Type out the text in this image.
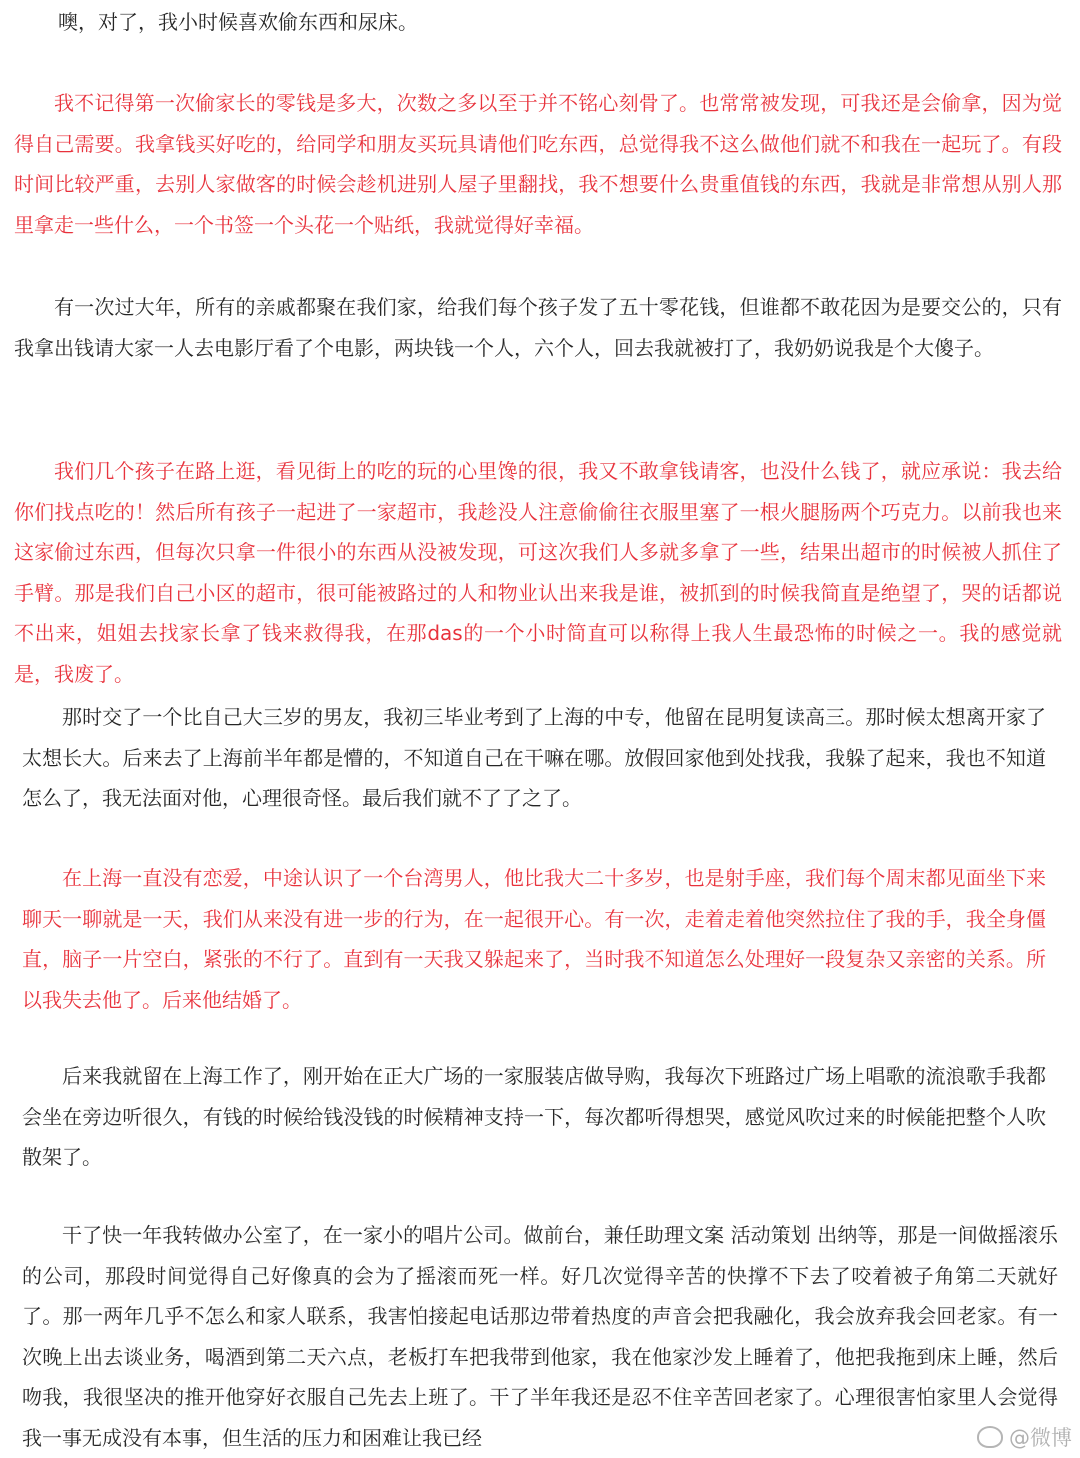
噢，对了，我小时候喜欢偷东西和尿床。

我不记得第一次偷家长的零钱是多大，次数之多以至于并不铭心刻骨了。也常常被发现，可我还是会偷拿，因为觉得自己需要。我拿钱买好吃的，给同学和朋友买玩具请他们吃东西，总觉得我不这么做他们就不和我在一起玩了。有段时间比较严重，去别人家做客的时候会趁机进别人屋子里翻找，我不想要什么贵重值钱的东西，我就是非常想从别人那里拿走一些什么，一个书签一个头花一个贴纸，我就觉得好幸福。

有一次过大年，所有的亲戚都聚在我们家，给我们每个孩子发了五十零花钱，但谁都不敢花因为是要交公的，只有我拿出钱请大家一人去电影厅看了个电影，两块钱一个人，六个人，回去我就被打了，我奶奶说我是个大傻子。

我们几个孩子在路上逛，看见街上的吃的玩的心里馋的很，我又不敢拿钱请客，也没什么钱了，就应承说：我去给你们找点吃的！然后所有孩子一起进了一家超市，我趁没人注意偷偷往衣服里塞了一根火腿肠两个巧克力。以前我也来这家偷过东西，但每次只拿一件很小的东西从没被发现，可这次我们人多就多拿了一些，结果出超市的时候被人抓住了手臂。那是我们自己小区的超市，很可能被路过的人和物业认出来我是谁，被抓到的时候我简直是绝望了，哭的话都说不出来，姐姐去找家长拿了钱来救得我，在那das的一个小时简直可以称得上我人生最恐怖的时候之一。我的感觉就是，我废了。

那时交了一个比自己大三岁的男友，我初三毕业考到了上海的中专，他留在昆明复读高三。那时候太想离开家了太想长大。后来去了上海前半年都是懵的，不知道自己在干嘛在哪。放假回家他到处找我，我躲了起来，我也不知道怎么了，我无法面对他，心理很奇怪。最后我们就不了了之了。

在上海一直没有恋爱，中途认识了一个台湾男人，他比我大二十多岁，也是射手座，我们每个周末都见面坐下来聊天一聊就是一天，我们从来没有进一步的行为，在一起很开心。有一次，走着走着他突然拉住了我的手，我全身僵直，脑子一片空白，紧张的不行了。直到有一天我又躲起来了，当时我不知道怎么处理好一段复杂又亲密的关系。所以我失去他了。后来他结婚了。

后来我就留在上海工作了，刚开始在正大广场的一家服装店做导购，我每次下班路过广场上唱歌的流浪歌手我都会坐在旁边听很久，有钱的时候给钱没钱的时候精神支持一下，每次都听得想哭，感觉风吹过来的时候能把整个人吹散架了。

干了快一年我转做办公室了，在一家小的唱片公司。做前台，兼任助理文案 活动策划 出纳等，那是一间做摇滚乐的公司，那段时间觉得自己好像真的会为了摇滚而死一样。好几次觉得辛苦的快撑不下去了咬着被子角第二天就好了。那一两年几乎不怎么和家人联系，我害怕接起电话那边带着热度的声音会把我融化，我会放弃我会回老家。有一次晚上出去谈业务，喝酒到第二天六点，老板打车把我带到他家，我在他家沙发上睡着了，他把我拖到床上睡，然后吻我，我很坚决的推开他穿好衣服自己先去上班了。干了半年我还是忍不住辛苦回老家了。心理很害怕家里人会觉得我一事无成没有本事，但生活的压力和困难让我已经	@微博
